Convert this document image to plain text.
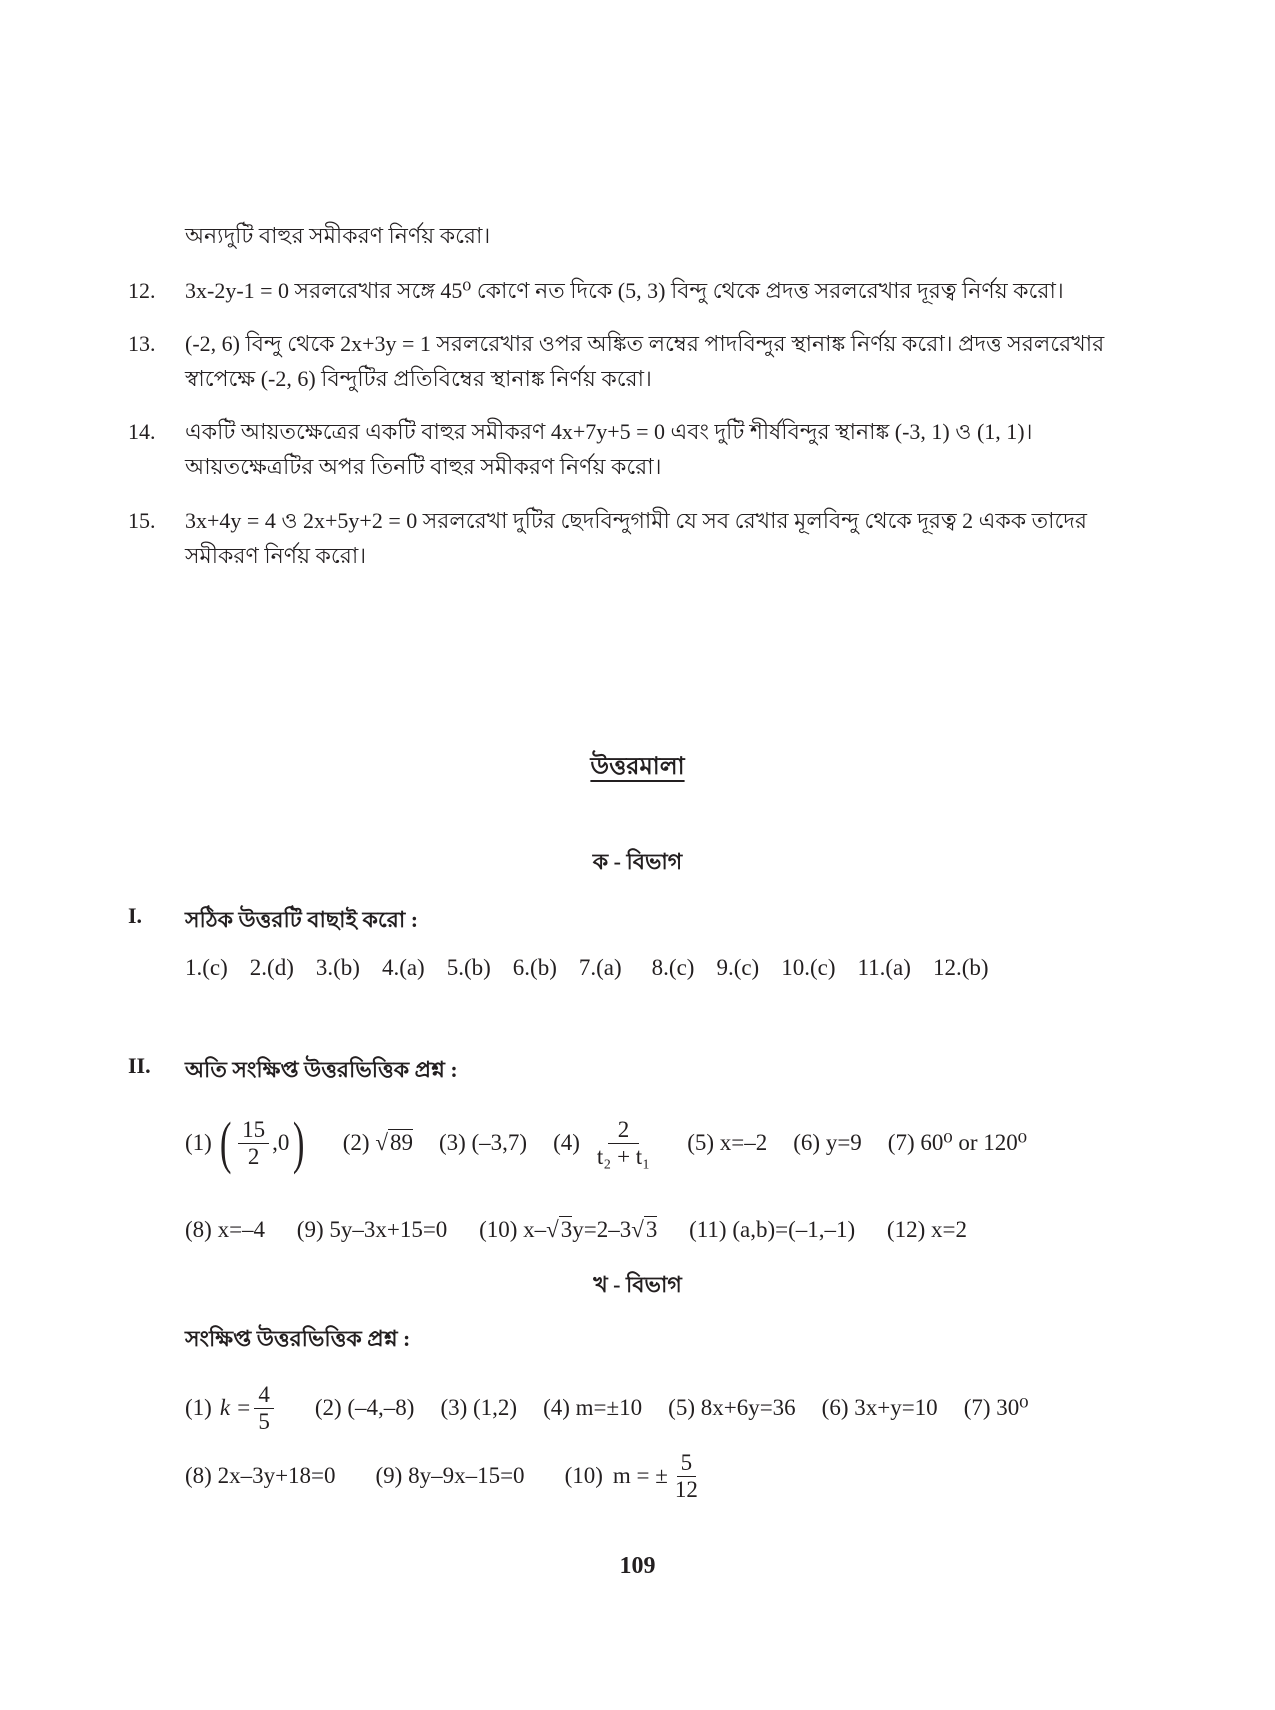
অন্যদুটি বাহুর সমীকরণ নির্ণয় করো।
12. 3x-2y-1 = 0 সরলরেখার সঙ্গে 45⁰ কোণে নত দিকে (5, 3) বিন্দু থেকে প্রদত্ত সরলরেখার দূরত্ব নির্ণয় করো।
13. (-2, 6) বিন্দু থেকে 2x+3y = 1 সরলরেখার ওপর অঙ্কিত লম্বের পাদবিন্দুর স্থানাঙ্ক নির্ণয় করো। প্রদত্ত সরলরেখার
স্বাপেক্ষে (-2, 6) বিন্দুটির প্রতিবিম্বের স্থানাঙ্ক নির্ণয় করো।
14. একটি আয়তক্ষেত্রের একটি বাহুর সমীকরণ 4x+7y+5 = 0 এবং দুটি শীর্ষবিন্দুর স্থানাঙ্ক (-3, 1) ও (1, 1)।
আয়তক্ষেত্রটির অপর তিনটি বাহুর সমীকরণ নির্ণয় করো।
15. 3x+4y = 4 ও 2x+5y+2 = 0 সরলরেখা দুটির ছেদবিন্দুগামী যে সব রেখার মূলবিন্দু থেকে দূরত্ব 2 একক তাদের
সমীকরণ নির্ণয় করো।
উত্তরমালা
ক - বিভাগ
I. সঠিক উত্তরটি বাছাই করো :
1.(c) 2.(d) 3.(b) 4.(a) 5.(b) 6.(b) 7.(a) 8.(c) 9.(c) 10.(c) 11.(a) 12.(b)
II. অতি সংক্ষিপ্ত উত্তরভিত্তিক প্রশ্ন :
(1) ( $\frac{15}{2} ,0$ ) (2) √89 (3) (–3,7) $(4) \frac{2}{\text{t₂ + t₁}} (5)$ x=–2 (6) y=9 (7) 60⁰ or 120⁰
(8) x=–4 (9) 5y–3x+15=0 (10) x–√3y=2–3√3 (11) (a,b)=(–1,–1) (12) x=2
খ - বিভাগ
সংক্ষিপ্ত উত্তরভিত্তিক প্রশ্ন :
(1) $k = \frac{4}{5} (2)$ (–4,–8) (3) (1,2) (4) m=±10 (5) 8x+6y=36 (6) 3x+y=10 (7) 30⁰
(8) 2x–3y+18=0 (9) 8y–9x–15=0 (10) m = ± $\frac{5}{12}$
109
